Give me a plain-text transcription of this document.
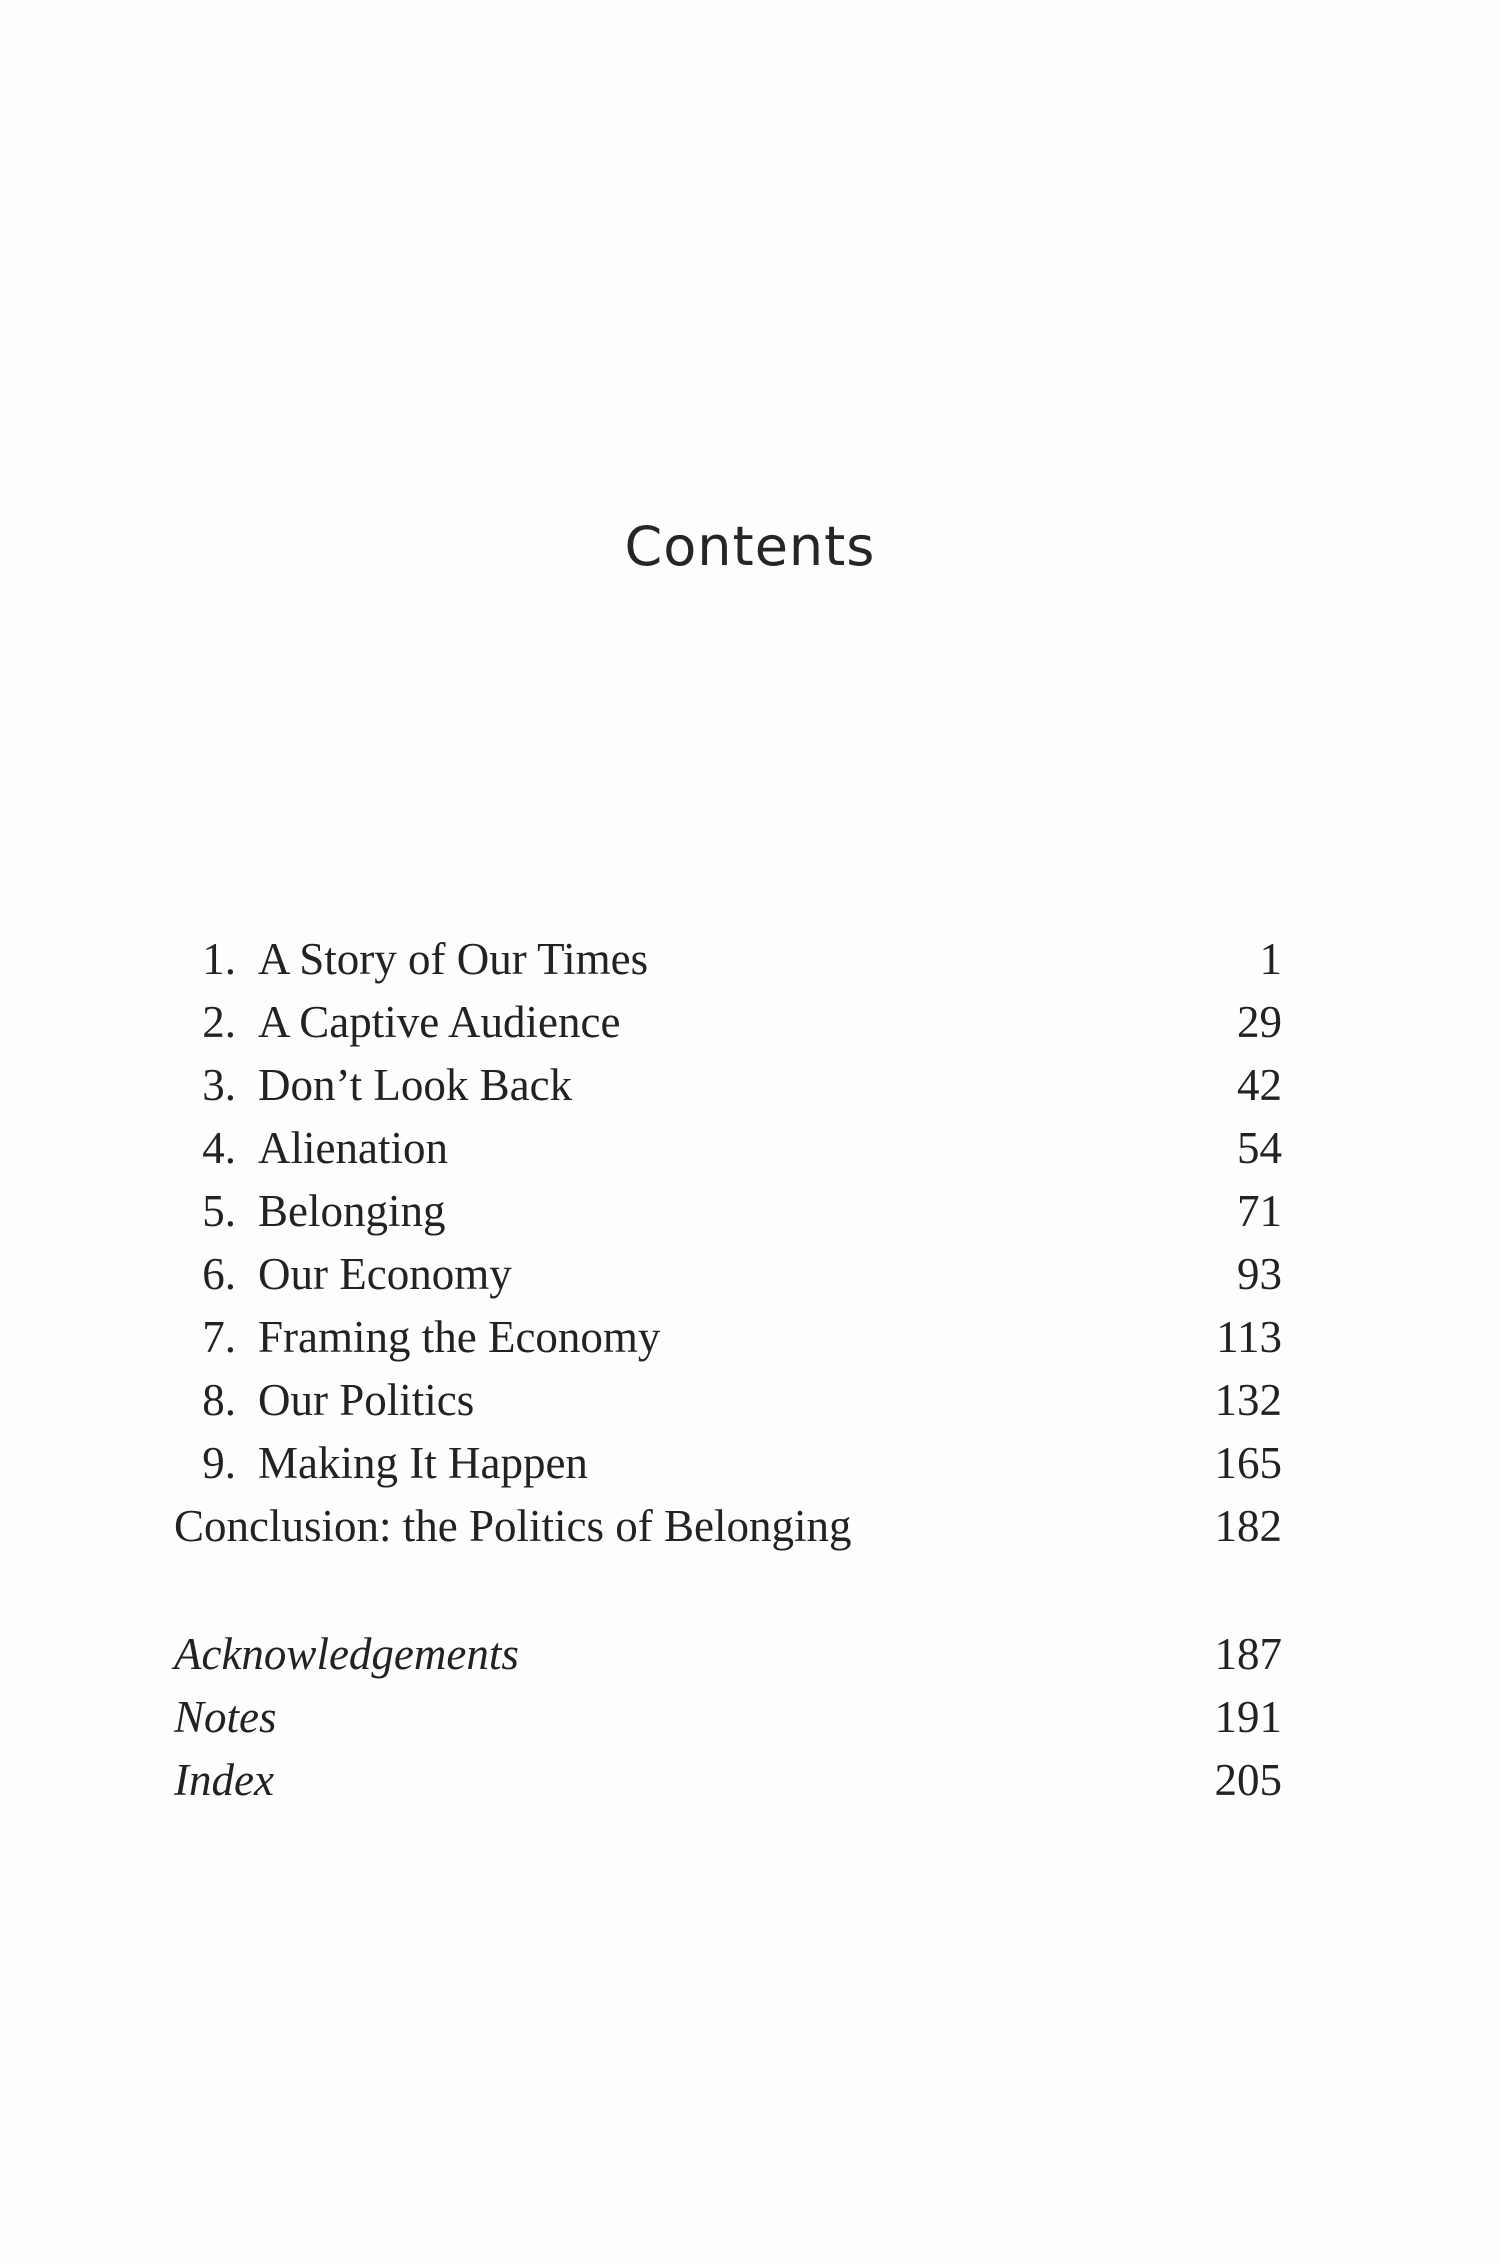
Contents
1. A Story of Our Times	1
2. A Captive Audience	29
3. Don’t Look Back	42
4. Alienation	54
5. Belonging	71
6. Our Economy	93
7. Framing the Economy	113
8. Our Politics	132
9. Making It Happen	165
Conclusion: the Politics of Belonging	182
Acknowledgements	187
Notes	191
Index	205
